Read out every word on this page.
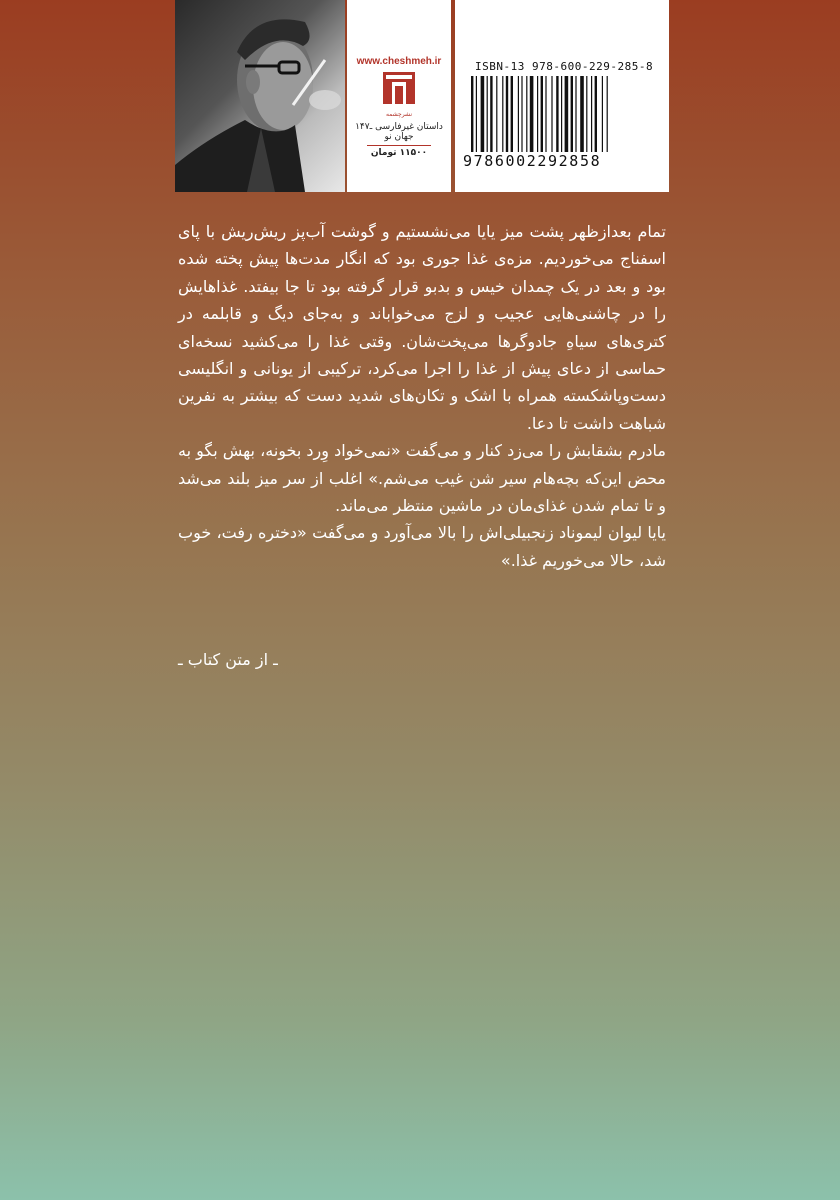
www.cheshmeh.ir
نشرچشمه
داستان غیرفارسی ـ۱۴۷
جهان نو
۱۱۵۰۰ تومان
ISBN-13 978-600-229-285-8
9786002292858

تمام بعدازظهر پشت میز یایا می‌نشستیم و گوشت آب‌پز ریش‌ریش با پای اسفناج می‌خوردیم. مزه‌ی غذا جوری بود که انگار مدت‌ها پیش پخته شده بود و بعد در یک چمدان خیس و بدبو قرار گرفته بود تا جا بیفتد. غذاهایش را در چاشنی‌هایی عجیب و لزج می‌خواباند و به‌جای دیگ و قابلمه در کتری‌های سیاهِ جادوگرها می‌پخت‌شان. وقتی غذا را می‌کشید نسخه‌ای حماسی از دعای پیش از غذا را اجرا می‌کرد، ترکیبی از یونانی و انگلیسی دست‌وپاشکسته همراه با اشک و تکان‌های شدید دست که بیشتر به نفرین شباهت داشت تا دعا.

مادرم بشقابش را می‌زد کنار و می‌گفت «نمی‌خواد وِرد بخونه، بهش بگو به محض این‌که بچه‌هام سیر شن غیب می‌شم.» اغلب از سر میز بلند می‌شد و تا تمام شدن غذای‌مان در ماشین منتظر می‌ماند.

یایا لیوان لیموناد زنجبیلی‌اش را بالا می‌آورد و می‌گفت «دختره رفت، خوب شد، حالا می‌خوریم غذا.»

ـ از متن کتاب ـ
